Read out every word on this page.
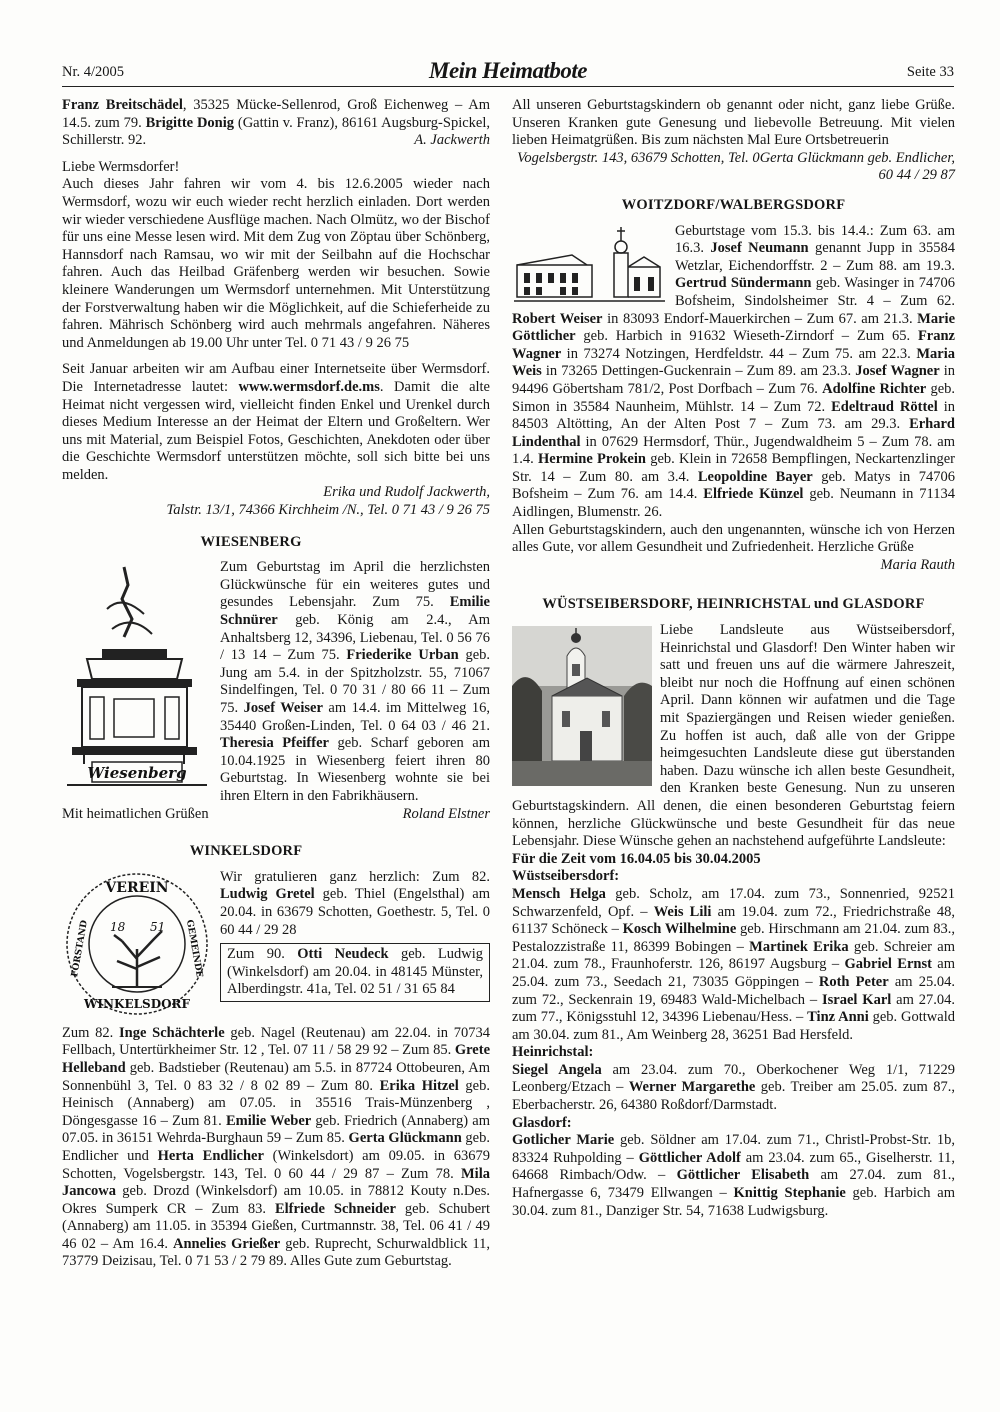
Nr. 4/2005	Mein Heimatbote	Seite 33

Franz Breitschädel, 35325 Mücke-Sellenrod, Groß Eichenweg – Am 14.5. zum 79. Brigitte Donig (Gattin v. Franz), 86161 Augsburg-Spickel, Schillerstr. 92.	A. Jackwerth

Liebe Wermsdorfer!

Auch dieses Jahr fahren wir vom 4. bis 12.6.2005 wieder nach Wermsdorf, wozu wir euch wieder recht herzlich einladen. Dort werden wir wieder verschiedene Ausflüge machen. Nach Olmütz, wo der Bischof für uns eine Messe lesen wird. Mit dem Zug von Zöptau über Schönberg, Hannsdorf nach Ramsau, wo wir mit der Seilbahn auf die Hochschar fahren. Auch das Heilbad Gräfenberg werden wir besuchen. Sowie kleinere Wanderungen um Wermsdorf unternehmen. Mit Unterstützung der Forstverwaltung haben wir die Möglichkeit, auf die Schieferheide zu fahren. Mährisch Schönberg wird auch mehrmals angefahren. Näheres und Anmeldungen ab 19.00 Uhr unter Tel. 0 71 43 / 9 26 75

Seit Januar arbeiten wir am Aufbau einer Internetseite über Wermsdorf. Die Internetadresse lautet: www.wermsdorf.de.ms. Damit die alte Heimat nicht vergessen wird, vielleicht finden Enkel und Urenkel durch dieses Medium Interesse an der Heimat der Eltern und Großeltern. Wer uns mit Material, zum Beispiel Fotos, Geschichten, Anekdoten oder über die Geschichte Wermsdorf unterstützen möchte, soll sich bitte bei uns melden.

Erika und Rudolf Jackwerth,

Talstr. 13/1, 74366 Kirchheim /N., Tel. 0 71 43 / 9 26 75

WIESENBERG
Wiesenberg

Zum Geburtstag im April die herzlichsten Glückwünsche für ein weiteres gutes und gesundes Lebensjahr. Zum 75. Emilie Schnürer geb. König am 2.4., Am Anhaltsberg 12, 34396, Liebenau, Tel. 0 56 76 / 13 14 – Zum 75. Friederike Urban geb. Jung am 5.4. in der Spitzholzstr. 55, 71067 Sindelfingen, Tel. 0 70 31 / 80 66 11 – Zum 75. Josef Weiser am 14.4. im Mittelweg 16, 35440 Großen-Linden, Tel. 0 64 03 / 46 21. Theresia Pfeiffer geb. Scharf geboren am 10.04.1925 in Wiesenberg feiert ihren 80 Geburtstag. In Wiesenberg wohnte sie bei ihren Eltern in den Fabrikhäusern.

Mit heimatlichen Grüßen	Roland Elstner

WINKELSDORF
VEREIN
FORSTAND	GEMEINDE
WINKELSDORF
18 51

Wir gratulieren ganz herzlich: Zum 82. Ludwig Gretel geb. Thiel (Engelsthal) am 20.04. in 63679 Schotten, Goethestr. 5, Tel. 0 60 44 / 29 28

Zum 90. Otti Neudeck geb. Ludwig (Winkelsdorf) am 20.04. in 48145 Münster, Alberdingstr. 41a, Tel. 02 51 / 31 65 84

Zum 82. Inge Schächterle geb. Nagel (Reutenau) am 22.04. in 70734 Fellbach, Untertürkheimer Str. 12 , Tel. 07 11 / 58 29 92 – Zum 85. Grete Helleband geb. Badstieber (Reutenau) am 5.5. in 87724 Ottobeuren, Am Sonnenbühl 3, Tel. 0 83 32 / 8 02 89 – Zum 80. Erika Hitzel geb. Heinisch (Annaberg) am 07.05. in 35516 Trais-Münzenberg , Döngesgasse 16 – Zum 81. Emilie Weber geb. Friedrich (Annaberg) am 07.05. in 36151 Wehrda-Burghaun 59 – Zum 85. Gerta Glückmann geb. Endlicher und Herta Endlicher (Winkelsdort) am 09.05. in 63679 Schotten, Vogelsbergstr. 143, Tel. 0 60 44 / 29 87 – Zum 78. Mila Jancowa geb. Drozd (Winkelsdorf) am 10.05. in 78812 Kouty n.Des. Okres Sumperk CR – Zum 83. Elfriede Schneider geb. Schubert (Annaberg) am 11.05. in 35394 Gießen, Curtmannstr. 38, Tel. 06 41 / 49 46 02 – Am 16.4. Annelies Grießer geb. Ruprecht, Schurwaldblick 11, 73779 Deizisau, Tel. 0 71 53 / 2 79 89. Alles Gute zum Geburtstag.

All unseren Geburtstagskindern ob genannt oder nicht, ganz liebe Grüße. Unseren Kranken gute Genesung und liebevolle Betreuung. Mit vielen lieben Heimatgrüßen. Bis zum nächsten Mal Eure Ortsbetreuerin
Gerta Glückmann geb. Endlicher,

Vogelsbergstr. 143, 63679 Schotten, Tel. 0 60 44 / 29 87

WOITZDORF/WALBERGSDORF

Geburtstage vom 15.3. bis 14.4.: Zum 63. am 16.3. Josef Neumann genannt Jupp in 35584 Wetzlar, Eichendorffstr. 2 – Zum 88. am 19.3. Gertrud Sündermann geb. Wasinger in 74706 Bofsheim, Sindolsheimer Str. 4 – Zum 62. Robert Weiser in 83093 Endorf-Mauerkirchen – Zum 67. am 21.3. Marie Göttlicher geb. Harbich in 91632 Wieseth-Zirndorf – Zum 65. Franz Wagner in 73274 Notzingen, Herdfeldstr. 44 – Zum 75. am 22.3. Maria Weis in 73265 Dettingen-Guckenrain – Zum 89. am 23.3. Josef Wagner in 94496 Göbertsham 781/2, Post Dorfbach – Zum 76. Adolfine Richter geb. Simon in 35584 Naunheim, Mühlstr. 14 – Zum 72. Edeltraud Röttel in 84503 Altötting, An der Alten Post 7 – Zum 73. am 29.3. Erhard Lindenthal in 07629 Hermsdorf, Thür., Jugendwaldheim 5 – Zum 78. am 1.4. Hermine Prokein geb. Klein in 72658 Bempflingen, Neckartenzlinger Str. 14 – Zum 80. am 3.4. Leopoldine Bayer geb. Matys in 74706 Bofsheim – Zum 76. am 14.4. Elfriede Künzel geb. Neumann in 71134 Aidlingen, Blumenstr. 26.

Allen Geburtstagskindern, auch den ungenannten, wünsche ich von Herzen alles Gute, vor allem Gesundheit und Zufriedenheit. Herzliche Grüße
Maria Rauth

WÜSTSEIBERSDORF, HEINRICHSTAL und GLASDORF

Liebe Landsleute aus Wüstseibersdorf, Heinrichstal und Glasdorf! Den Winter haben wir satt und freuen uns auf die wärmere Jahreszeit, bleibt nur noch die Hoffnung auf einen schönen April. Dann können wir aufatmen und die Tage mit Spaziergängen und Reisen wieder genießen. Zu hoffen ist auch, daß alle von der Grippe heimgesuchten Landsleute diese gut überstanden haben. Dazu wünsche ich allen beste Gesundheit, den Kranken beste Genesung. Nun zu unseren Geburtstagskindern. All denen, die einen besonderen Geburtstag feiern können, herzliche Glückwünsche und beste Gesundheit für das neue Lebensjahr. Diese Wünsche gehen an nachstehend aufgeführte Landsleute:

Für die Zeit vom 16.04.05 bis 30.04.2005

Wüstseibersdorf:

Mensch Helga geb. Scholz, am 17.04. zum 73., Sonnenried, 92521 Schwarzenfeld, Opf. – Weis Lili am 19.04. zum 72., Friedrichstraße 48, 61137 Schöneck – Kosch Wilhelmine geb. Hirschmann am 21.04. zum 83., Pestalozzistraße 11, 86399 Bobingen – Martinek Erika geb. Schreier am 21.04. zum 78., Fraunhoferstr. 126, 86197 Augsburg – Gabriel Ernst am 25.04. zum 73., Seedach 21, 73035 Göppingen – Roth Peter am 25.04. zum 72., Seckenrain 19, 69483 Wald-Michelbach – Israel Karl am 27.04. zum 77., Königsstuhl 12, 34396 Liebenau/Hess. – Tinz Anni geb. Gottwald am 30.04. zum 81., Am Weinberg 28, 36251 Bad Hersfeld.

Heinrichstal:

Siegel Angela am 23.04. zum 70., Oberkochener Weg 1/1, 71229 Leonberg/Etzach – Werner Margarethe geb. Treiber am 25.05. zum 87., Eberbacherstr. 26, 64380 Roßdorf/Darmstadt.

Glasdorf:

Gotlicher Marie geb. Söldner am 17.04. zum 71., Christl-Probst-Str. 1b, 83324 Ruhpolding – Göttlicher Adolf am 23.04. zum 65., Giselherstr. 11, 64668 Rimbach/Odw. – Göttlicher Elisabeth am 27.04. zum 81., Hafnergasse 6, 73479 Ellwangen – Knittig Stephanie geb. Harbich am 30.04. zum 81., Danziger Str. 54, 71638 Ludwigsburg.
